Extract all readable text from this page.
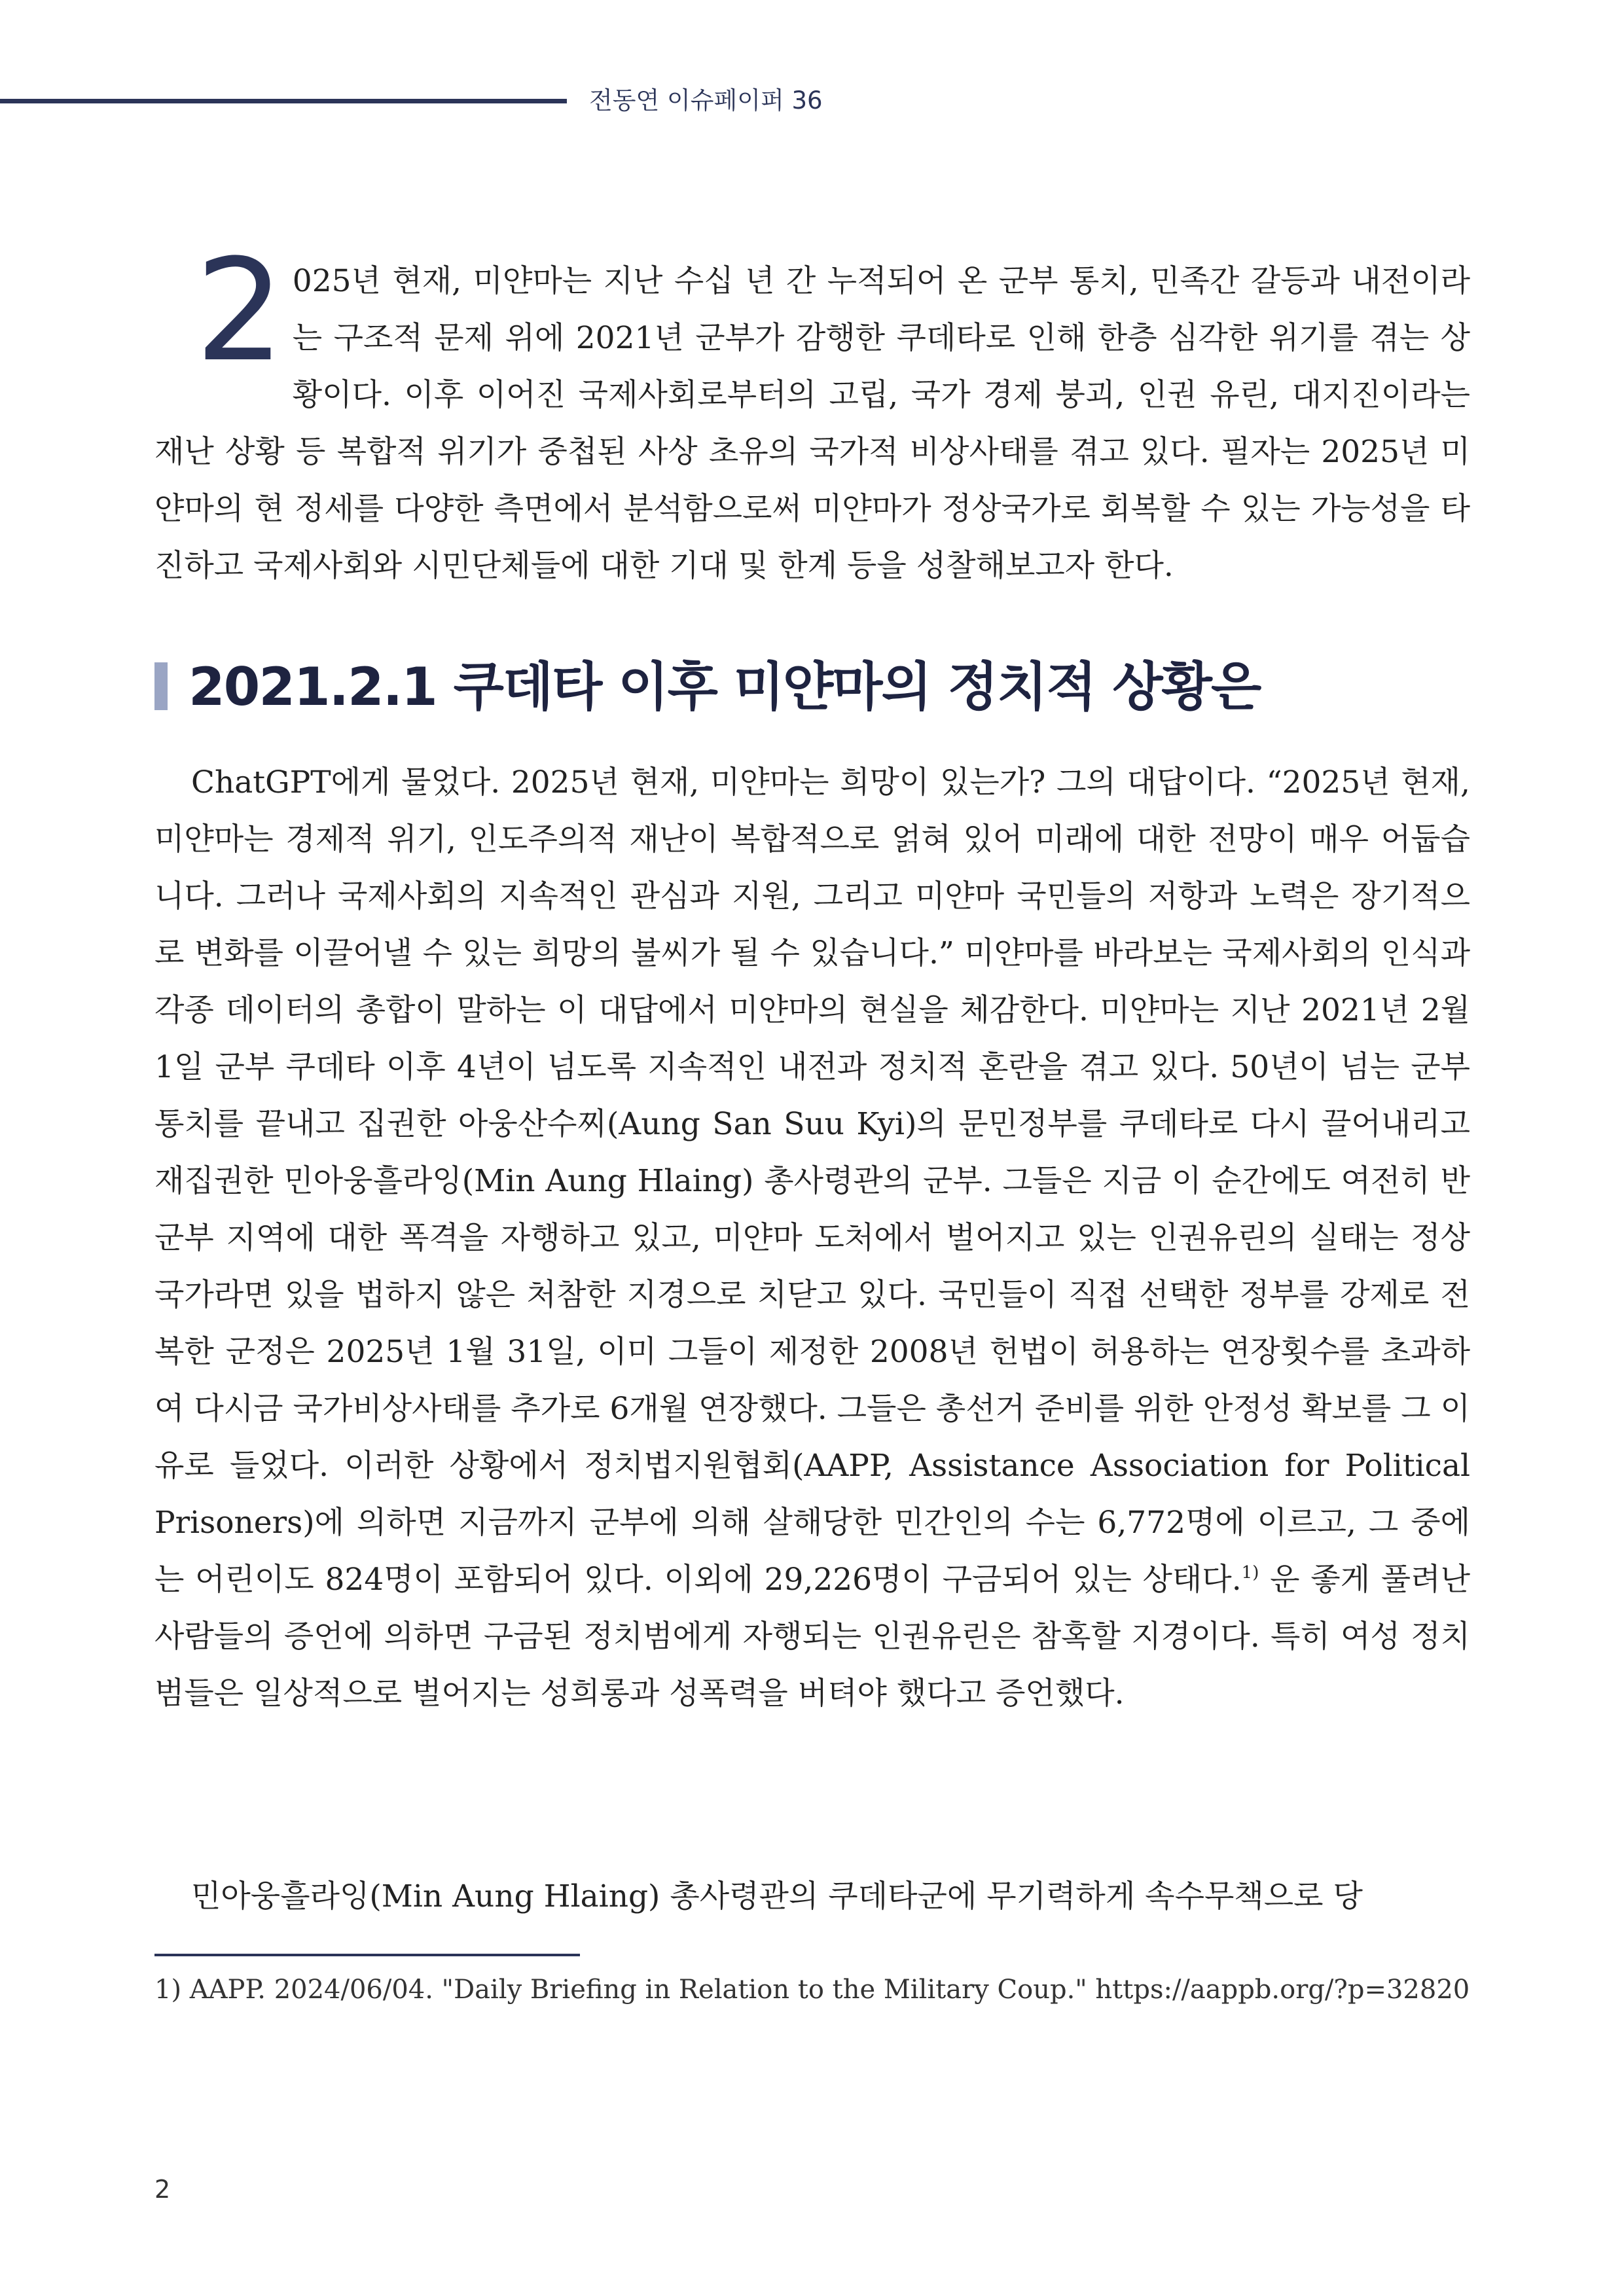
전동연 이슈페이퍼 36
2 025년 현재, 미얀마는 지난 수십 년 간 누적되어 온 군부 통치, 민족간 갈등과 내전이라는 구조적 문제 위에 2021년 군부가 감행한 쿠데타로 인해 한층 심각한 위기를 겪는 상황이다. 이후 이어진 국제사회로부터의 고립, 국가 경제 붕괴, 인권 유린, 대지진이라는 재난 상황 등 복합적 위기가 중첩된 사상 초유의 국가적 비상사태를 겪고 있다. 필자는 2025년 미얀마의 현 정세를 다양한 측면에서 분석함으로써 미얀마가 정상국가로 회복할 수 있는 가능성을 타진하고 국제사회와 시민단체들에 대한 기대 및 한계 등을 성찰해보고자 한다.
2021.2.1 쿠데타 이후 미얀마의 정치적 상황은

ChatGPT에게 물었다. 2025년 현재, 미얀마는 희망이 있는가? 그의 대답이다. “2025년 현재, 미얀마는 경제적 위기, 인도주의적 재난이 복합적으로 얽혀 있어 미래에 대한 전망이 매우 어둡습니다. 그러나 국제사회의 지속적인 관심과 지원, 그리고 미얀마 국민들의 저항과 노력은 장기적으로 변화를 이끌어낼 수 있는 희망의 불씨가 될 수 있습니다.” 미얀마를 바라보는 국제사회의 인식과 각종 데이터의 총합이 말하는 이 대답에서 미얀마의 현실을 체감한다. 미얀마는 지난 2021년 2월 1일 군부 쿠데타 이후 4년이 넘도록 지속적인 내전과 정치적 혼란을 겪고 있다. 50년이 넘는 군부통치를 끝내고 집권한 아웅산수찌(Aung San Suu Kyi)의 문민정부를 쿠데타로 다시 끌어내리고 재집권한 민아웅흘라잉(Min Aung Hlaing) 총사령관의 군부. 그들은 지금 이 순간에도 여전히 반군부 지역에 대한 폭격을 자행하고 있고, 미얀마 도처에서 벌어지고 있는 인권유린의 실태는 정상국가라면 있을 법하지 않은 처참한 지경으로 치닫고 있다. 국민들이 직접 선택한 정부를 강제로 전복한 군정은 2025년 1월 31일, 이미 그들이 제정한 2008년 헌법이 허용하는 연장횟수를 초과하여 다시금 국가비상사태를 추가로 6개월 연장했다. 그들은 총선거 준비를 위한 안정성 확보를 그 이유로 들었다. 이러한 상황에서 정치법지원협회(AAPP, Assistance Association for Political Prisoners)에 의하면 지금까지 군부에 의해 살해당한 민간인의 수는 6,772명에 이르고, 그 중에는 어린이도 824명이 포함되어 있다. 이외에 29,226명이 구금되어 있는 상태다.$^{1)}$ 운 좋게 풀려난 사람들의 증언에 의하면 구금된 정치범에게 자행되는 인권유린은 참혹할 지경이다. 특히 여성 정치범들은 일상적으로 벌어지는 성희롱과 성폭력을 버텨야 했다고 증언했다.

민아웅흘라잉(Min Aung Hlaing) 총사령관의 쿠데타군에 무기력하게 속수무책으로 당

1) AAPP. 2024/06/04. "Daily Briefing in Relation to the Military Coup." https://aappb.org/?p=32820
2
